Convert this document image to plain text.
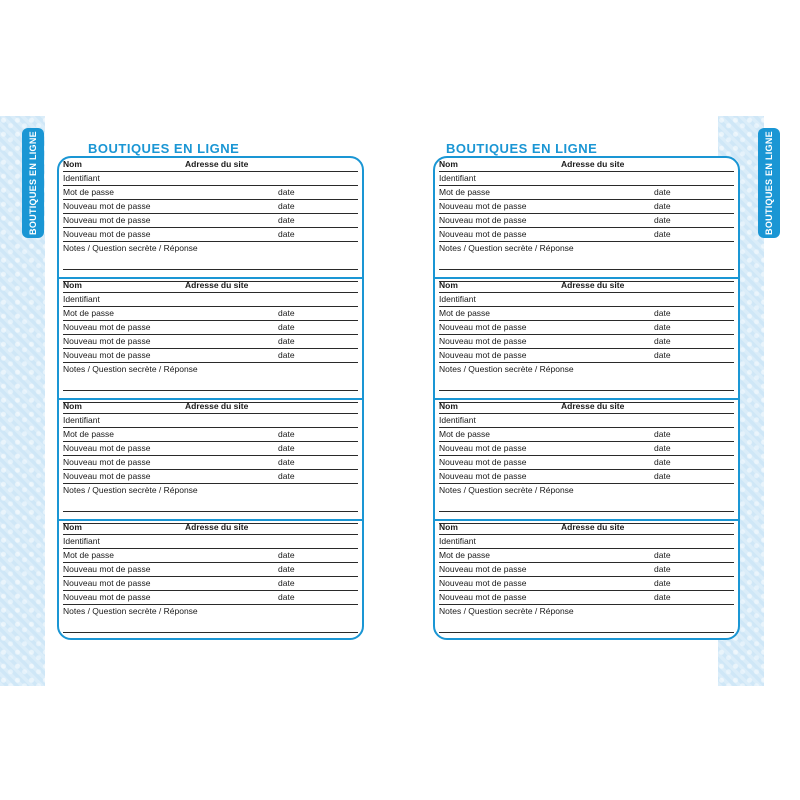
BOUTIQUES EN LIGNE	BOUTIQUES EN LIGNE
BOUTIQUES EN LIGNE	BOUTIQUES EN LIGNE
Nom	Adresse du site
Identifiant
Mot de passe	date
Nouveau mot de passe	date
Nouveau mot de passe	date
Nouveau mot de passe	date
Notes / Question secrète / Réponse
Nom	Adresse du site
Identifiant
Mot de passe	date
Nouveau mot de passe	date
Nouveau mot de passe	date
Nouveau mot de passe	date
Notes / Question secrète / Réponse
Nom	Adresse du site
Identifiant
Mot de passe	date
Nouveau mot de passe	date
Nouveau mot de passe	date
Nouveau mot de passe	date
Notes / Question secrète / Réponse
Nom	Adresse du site
Identifiant
Mot de passe	date
Nouveau mot de passe	date
Nouveau mot de passe	date
Nouveau mot de passe	date
Notes / Question secrète / Réponse
Nom	Adresse du site
Identifiant
Mot de passe	date
Nouveau mot de passe	date
Nouveau mot de passe	date
Nouveau mot de passe	date
Notes / Question secrète / Réponse
Nom	Adresse du site
Identifiant
Mot de passe	date
Nouveau mot de passe	date
Nouveau mot de passe	date
Nouveau mot de passe	date
Notes / Question secrète / Réponse
Nom	Adresse du site
Identifiant
Mot de passe	date
Nouveau mot de passe	date
Nouveau mot de passe	date
Nouveau mot de passe	date
Notes / Question secrète / Réponse
Nom	Adresse du site
Identifiant
Mot de passe	date
Nouveau mot de passe	date
Nouveau mot de passe	date
Nouveau mot de passe	date
Notes / Question secrète / Réponse
